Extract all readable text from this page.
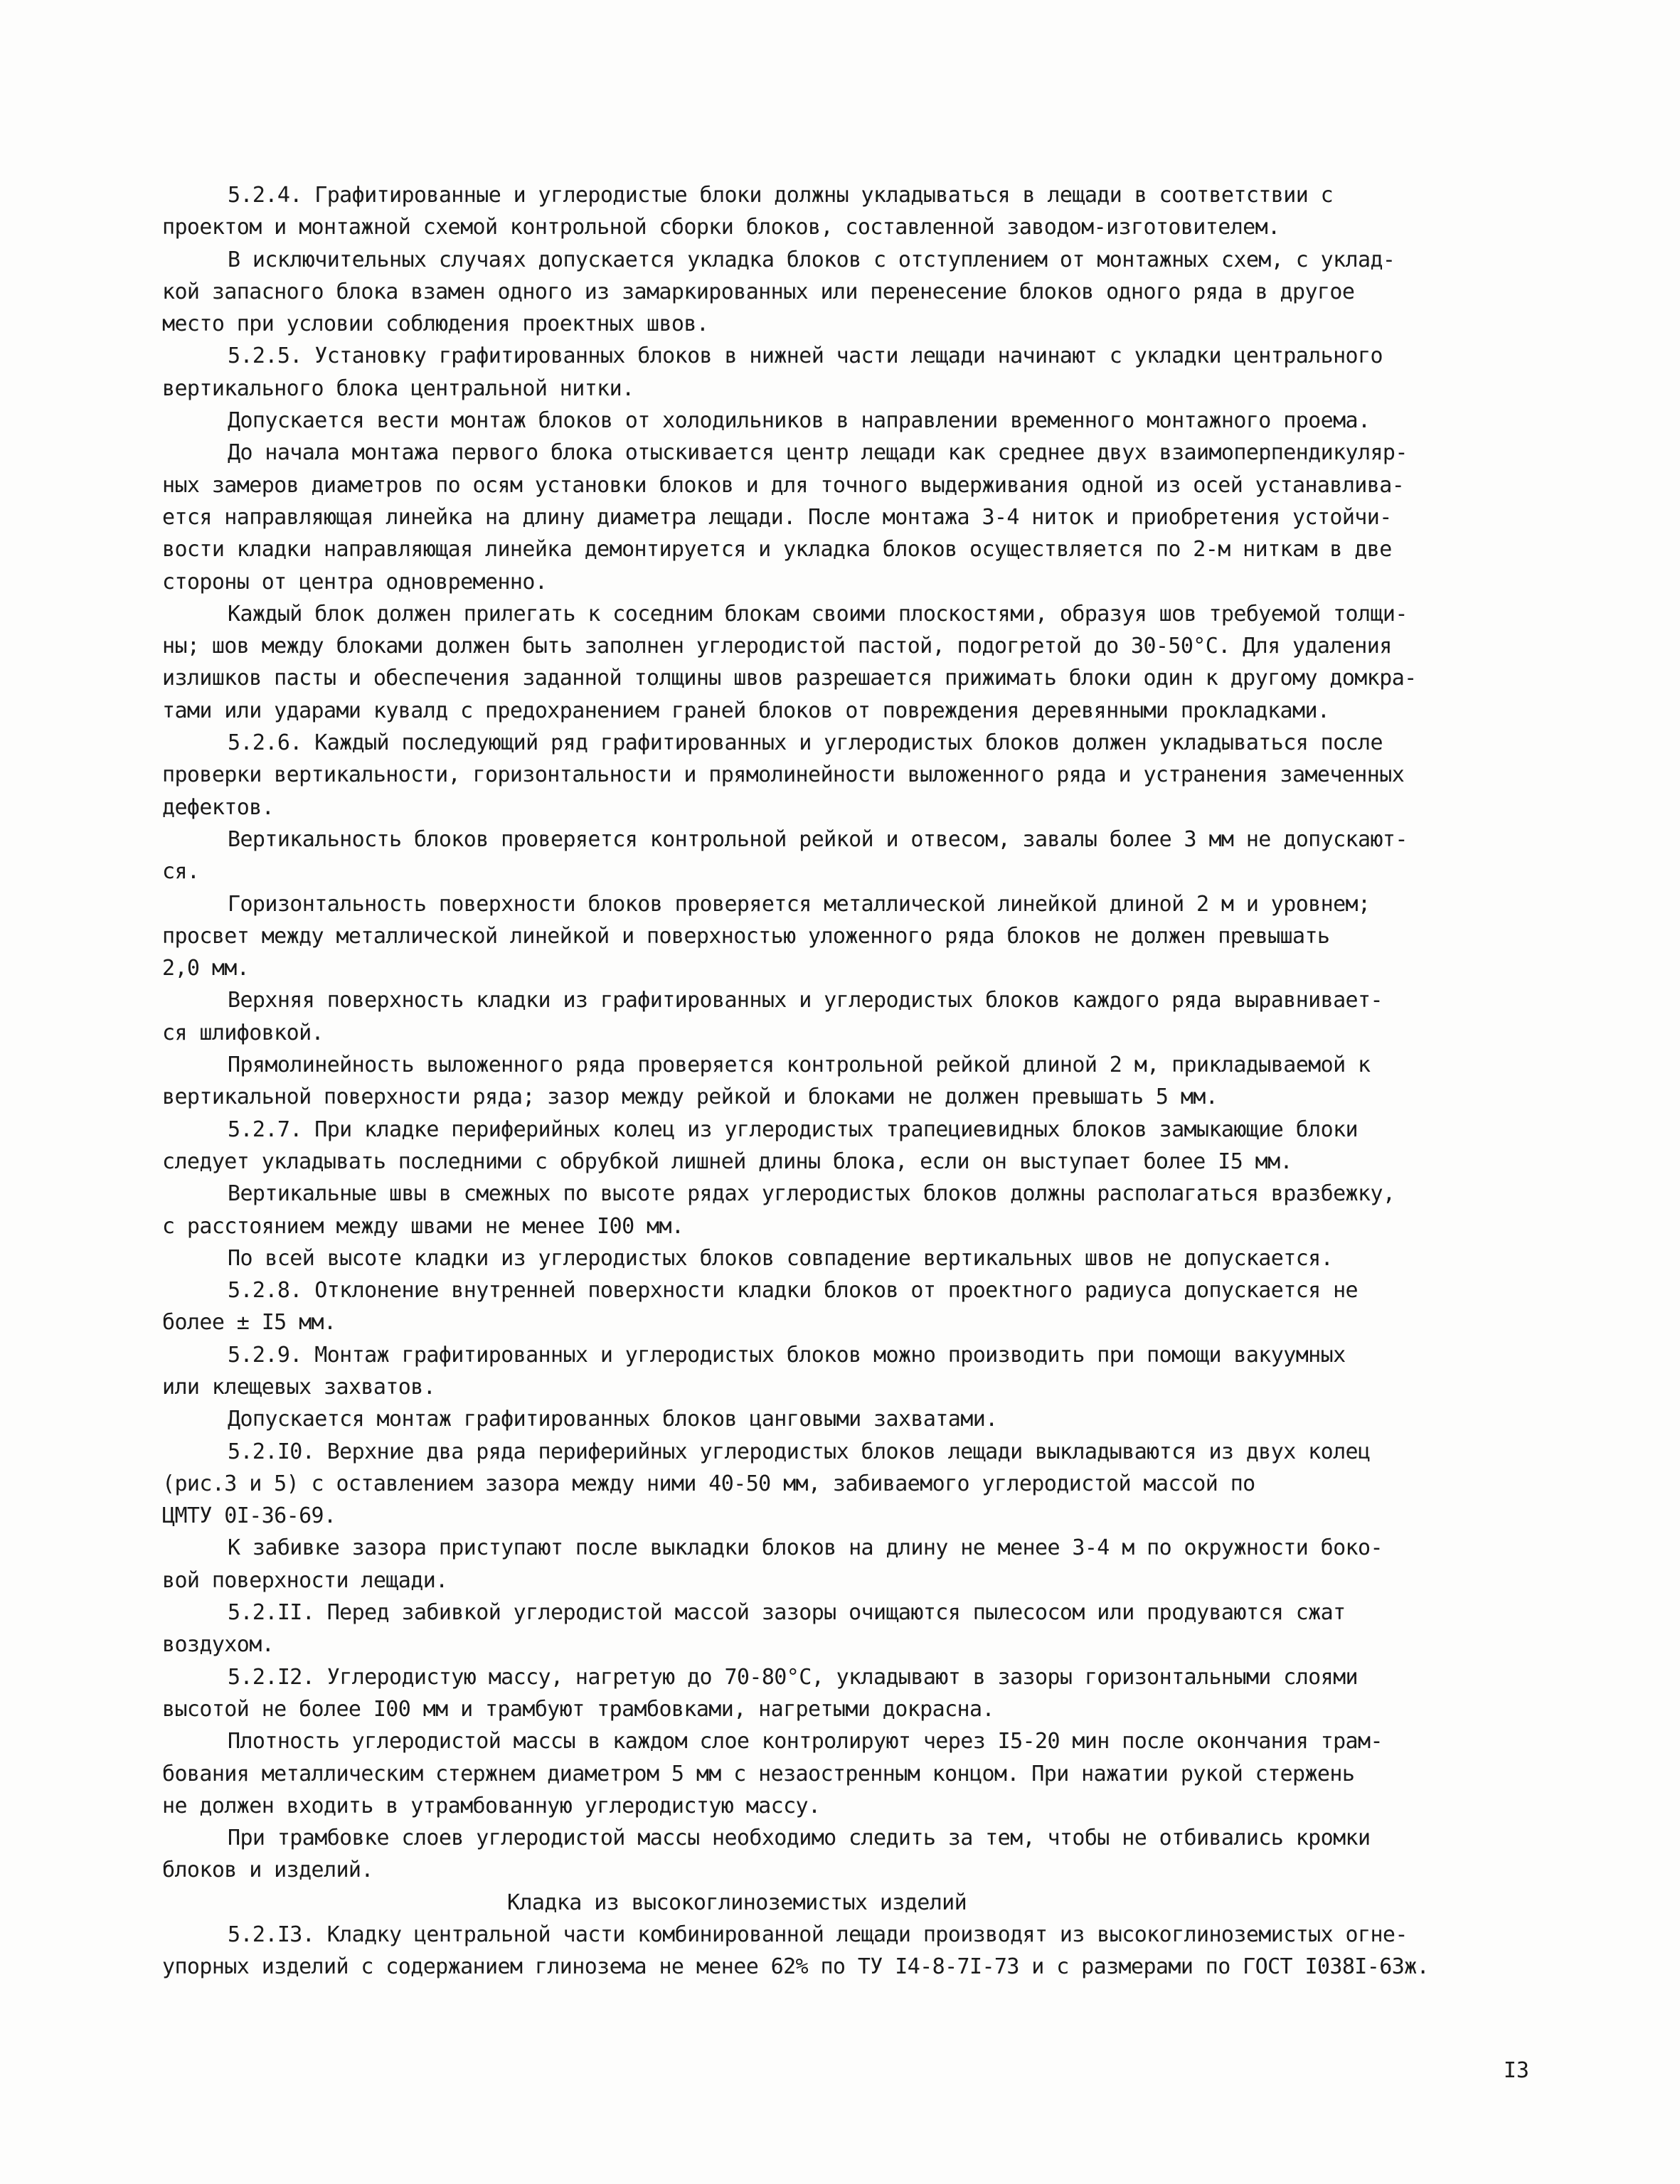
5.2.4. Графитированные и углеродистые блоки должны укладываться в лещади в соответствии с
проектом и монтажной схемой контрольной сборки блоков, составленной заводом-изготовителем.
В исключительных случаях допускается укладка блоков с отступлением от монтажных схем, с уклад-
кой запасного блока взамен одного из замаркированных или перенесение блоков одного ряда в другое
место при условии соблюдения проектных швов.
5.2.5. Установку графитированных блоков в нижней части лещади начинают с укладки центрального
вертикального блока центральной нитки.
Допускается вести монтаж блоков от холодильников в направлении временного монтажного проема.
До начала монтажа первого блока отыскивается центр лещади как среднее двух взаимоперпендикуляр-
ных замеров диаметров по осям установки блоков и для точного выдерживания одной из осей устанавлива-
ется направляющая линейка на длину диаметра лещади. После монтажа 3-4 ниток и приобретения устойчи-
вости кладки направляющая линейка демонтируется и укладка блоков осуществляется по 2-м ниткам в две
стороны от центра одновременно.
Каждый блок должен прилегать к соседним блокам своими плоскостями, образуя шов требуемой толщи-
ны; шов между блоками должен быть заполнен углеродистой пастой, подогретой до 30-50°С. Для удаления
излишков пасты и обеспечения заданной толщины швов разрешается прижимать блоки один к другому домкра-
тами или ударами кувалд с предохранением граней блоков от повреждения деревянными прокладками.
5.2.6. Каждый последующий ряд графитированных и углеродистых блоков должен укладываться после
проверки вертикальности, горизонтальности и прямолинейности выложенного ряда и устранения замеченных
дефектов.
Вертикальность блоков проверяется контрольной рейкой и отвесом, завалы более 3 мм не допускают-
ся.
Горизонтальность поверхности блоков проверяется металлической линейкой длиной 2 м и уровнем;
просвет между металлической линейкой и поверхностью уложенного ряда блоков не должен превышать
2,0 мм.
Верхняя поверхность кладки из графитированных и углеродистых блоков каждого ряда выравнивает-
ся шлифовкой.
Прямолинейность выложенного ряда проверяется контрольной рейкой длиной 2 м, прикладываемой к
вертикальной поверхности ряда; зазор между рейкой и блоками не должен превышать 5 мм.
5.2.7. При кладке периферийных колец из углеродистых трапециевидных блоков замыкающие блоки
следует укладывать последними с обрубкой лишней длины блока, если он выступает более I5 мм.
Вертикальные швы в смежных по высоте рядах углеродистых блоков должны располагаться вразбежку,
с расстоянием между швами не менее I00 мм.
По всей высоте кладки из углеродистых блоков совпадение вертикальных швов не допускается.
5.2.8. Отклонение внутренней поверхности кладки блоков от проектного радиуса допускается не
более ± I5 мм.
5.2.9. Монтаж графитированных и углеродистых блоков можно производить при помощи вакуумных
или клещевых захватов.
Допускается монтаж графитированных блоков цанговыми захватами.
5.2.I0. Верхние два ряда периферийных углеродистых блоков лещади выкладываются из двух колец
(рис.3 и 5) с оставлением зазора между ними 40-50 мм, забиваемого углеродистой массой по
ЦМТУ 0I-36-69.
К забивке зазора приступают после выкладки блоков на длину не менее 3-4 м по окружности боко-
вой поверхности лещади.
5.2.II. Перед забивкой углеродистой массой зазоры очищаются пылесосом или продуваются сжат
воздухом.
5.2.I2. Углеродистую массу, нагретую до 70-80°С, укладывают в зазоры горизонтальными слоями
высотой не более I00 мм и трамбуют трамбовками, нагретыми докрасна.
Плотность углеродистой массы в каждом слое контролируют через I5-20 мин после окончания трам-
бования металлическим стержнем диаметром 5 мм с незаостренным концом. При нажатии рукой стержень
не должен входить в утрамбованную углеродистую массу.
При трамбовке слоев углеродистой массы необходимо следить за тем, чтобы не отбивались кромки
блоков и изделий.
Кладка из высокоглиноземистых изделий
5.2.I3. Кладку центральной части комбинированной лещади производят из высокоглиноземистых огне-
упорных изделий с содержанием глинозема не менее 62% по ТУ I4-8-7I-73 и с размерами по ГОСТ I038I-63ж.
I3
